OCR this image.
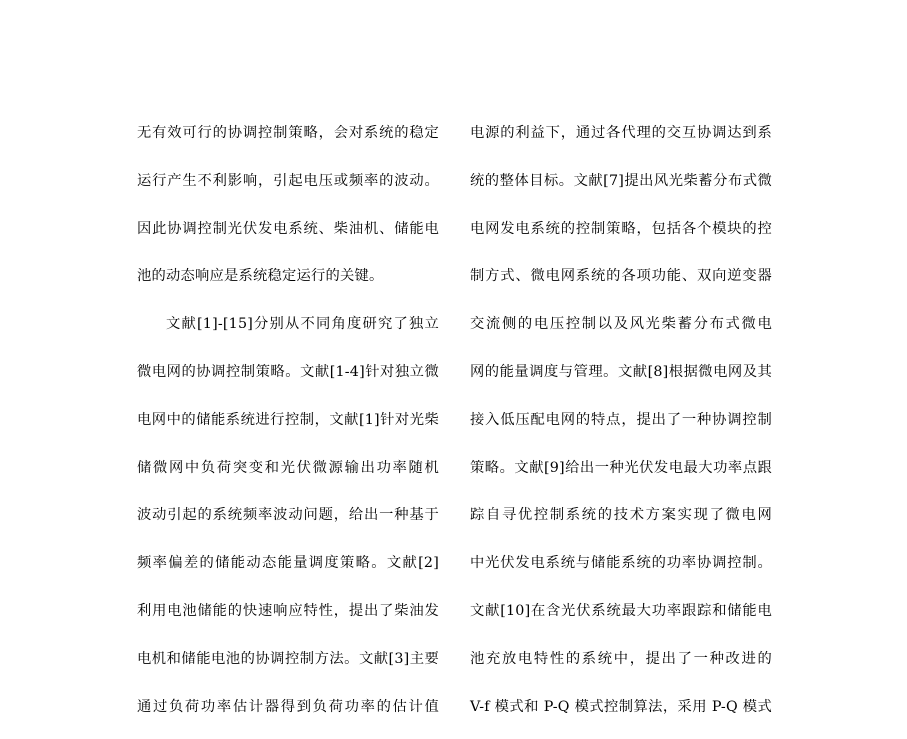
无有效可行的协调控制策略，会对系统的稳定
运行产生不利影响，引起电压或频率的波动。
因此协调控制光伏发电系统、柴油机、储能电
池的动态响应是系统稳定运行的关键。
文献[1]-[15]分别从不同角度研究了独立
微电网的协调控制策略。文献[1-4]针对独立微
电网中的储能系统进行控制，文献[1]针对光柴
储微网中负荷突变和光伏微源输出功率随机
波动引起的系统频率波动问题，给出一种基于
频率偏差的储能动态能量调度策略。文献[2]
利用电池储能的快速响应特性，提出了柴油发
电机和储能电池的协调控制方法。文献[3]主要
通过负荷功率估计器得到负荷功率的估计值
电源的利益下，通过各代理的交互协调达到系
统的整体目标。文献[7]提出风光柴蓄分布式微
电网发电系统的控制策略，包括各个模块的控
制方式、微电网系统的各项功能、双向逆变器
交流侧的电压控制以及风光柴蓄分布式微电
网的能量调度与管理。文献[8]根据微电网及其
接入低压配电网的特点，提出了一种协调控制
策略。文献[9]给出一种光伏发电最大功率点跟
踪自寻优控制系统的技术方案实现了微电网
中光伏发电系统与储能系统的功率协调控制。
文献[10]在含光伏系统最大功率跟踪和储能电
池充放电特性的系统中，提出了一种改进的
V-f 模式和 P-Q 模式控制算法，采用 P-Q 模式
